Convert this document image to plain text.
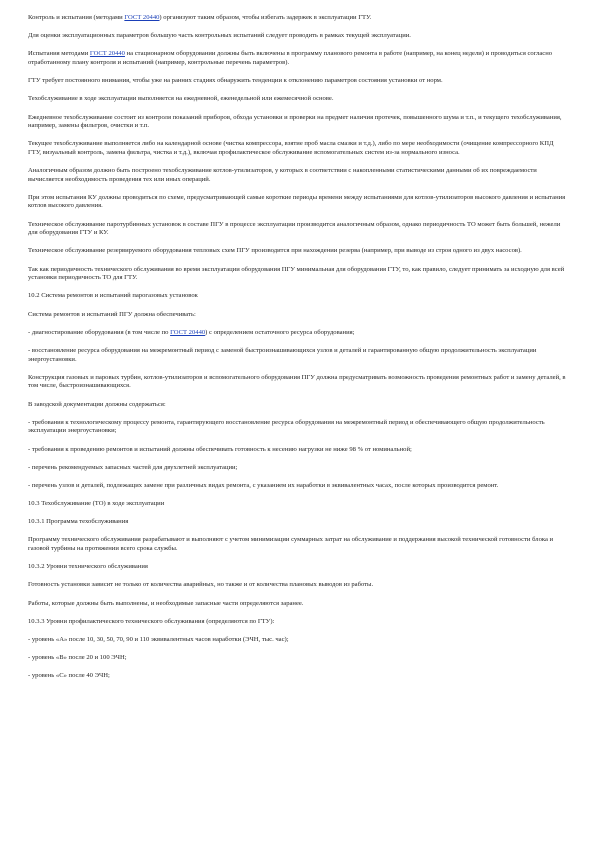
Контроль и испытания (методами ГОСТ 20440) организуют таким образом, чтобы избегать задержек в эксплуатации ГТУ.
Для оценки эксплуатационных параметров большую часть контрольных испытаний следует проводить в рамках текущей эксплуатации.
Испытания методами ГОСТ 20440 на стационарном оборудовании должны быть включены в программу планового ремонта в работе (например, на конец недели) и проводиться согласно отработанному плану контроля и испытаний (например, контрольные перечень параметров).
ГТУ требует постоянного внимания, чтобы уже на ранних стадиях обнаружить тенденции к отклонению параметров состояния установки от норм.
Техобслуживание в ходе эксплуатации выполняется на ежедневной, еженедельной или ежемесячной основе.
Ежедневное техобслуживание состоит из контроля показаний приборов, обхода установки и проверки на предмет наличия протечек, повышенного шума и т.п., и текущего техобслуживания, например, замены фильтров, очистки и т.п.
Текущее техобслуживание выполняется либо на календарной основе (чистка компрессора, взятие проб масла смазки и т.д.), либо по мере необходимости (очищение компрессорного КПД ГТУ, визуальный контроль, замена фильтра, чистка и т.д.), включая профилактическое обслуживание вспомогательных систем из-за нормального износа.
Аналогичным образом должно быть построено техобслуживание котлов-утилизаторов, у которых в соответствии с накопленными статистическими данными об их повреждаемости вычисляется необходимость проведения тех или иных операций.
При этом испытания КУ должны проводиться по схеме, предусматривающей самые короткие периоды времени между испытаниями для котлов-утилизаторов высокого давления и испытания котлов высокого давления.
Техническое обслуживание паротурбинных установок в составе ПГУ в процессе эксплуатации производится аналогичным образом, однако периодичность ТО может быть большей, нежели для оборудования ГТУ и КУ.
Техническое обслуживание резервируемого оборудования тепловых схем ПГУ производится при нахождении резерва (например, при выводе из строя одного из двух насосов).
Так как периодичность технического обслуживания во время эксплуатации оборудования ПГУ минимальная для оборудования ГТУ, то, как правило, следует принимать за исходную для всей установки периодичность ТО для ГТУ.
10.2 Система ремонтов и испытаний парогазовых установок
Система ремонтов и испытаний ПГУ должна обеспечивать:
- диагностирование оборудования (в том числе по ГОСТ 20440) с определением остаточного ресурса оборудования;
- восстановление ресурса оборудования на межремонтный период с заменой быстроизнашивающихся узлов и деталей и гарантированную общую продолжительность эксплуатации энергоустановки.
Конструкция газовых и паровых турбин, котлов-утилизаторов и вспомогательного оборудования ПГУ должна предусматривать возможность проведения ремонтных работ и замену деталей, в том числе, быстроизнашивающихся.
В заводской документации должны содержаться:
- требования к технологическому процессу ремонта, гарантирующего восстановление ресурса оборудования на межремонтный период и обеспечивающего общую продолжительность эксплуатации энергоустановки;
- требования к проведению ремонтов и испытаний должны обеспечивать готовность к несению нагрузки не ниже 98 % от номинальной;
- перечень рекомендуемых запасных частей для двухлетней эксплуатации;
- перечень узлов и деталей, подлежащих замене при различных видах ремонта, с указанием их наработки в эквивалентных часах, после которых производится ремонт.
10.3 Техобслуживание (ТО) в ходе эксплуатации
10.3.1 Программа техобслуживания
Программу технического обслуживания разрабатывают и выполняют с учетом минимизации суммарных затрат на обслуживание и поддержания высокой технической готовности блока и газовой турбины на протяжении всего срока службы.
10.3.2 Уровни технического обслуживания
Готовность установки зависит не только от количества аварийных, но также и от количества плановых выводов из работы.
Работы, которые должны быть выполнены, и необходимые запасные части определяются заранее.
10.3.3 Уровни профилактического технического обслуживания (определяются по ГТУ):
- уровень «А» после 10, 30, 50, 70, 90 и 110 эквивалентных часов наработки (ЭЧН, тыс. час);
- уровень «В» после 20 и 100 ЭЧН;
- уровень «С» после 40 ЭЧН;
